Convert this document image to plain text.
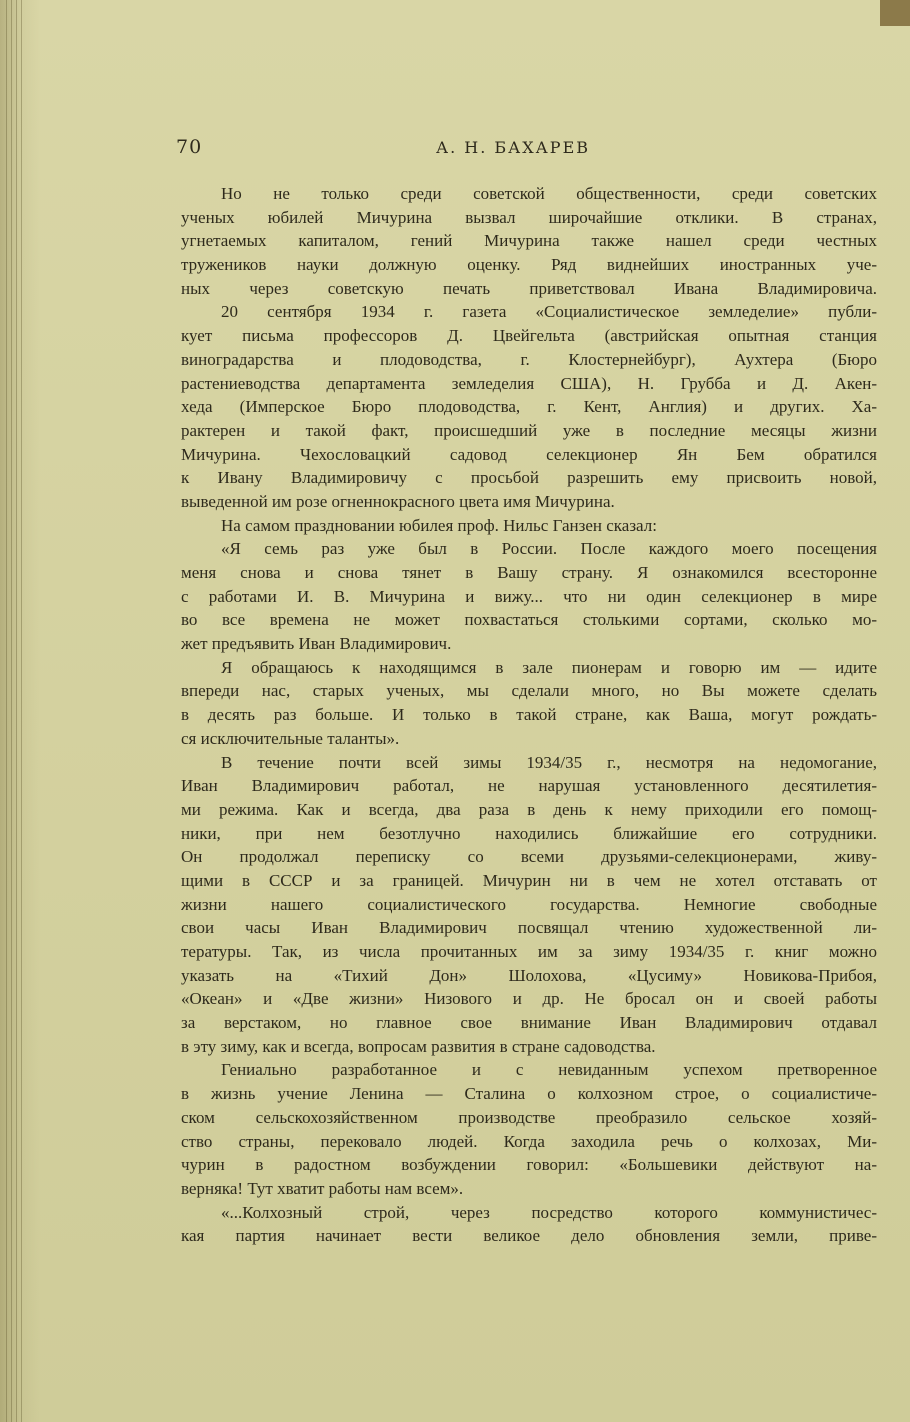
70	А. Н. БАХАРЕВ
Но не только среди советской общественности, среди советских
ученых юбилей Мичурина вызвал широчайшие отклики. В странах,
угнетаемых капиталом, гений Мичурина также нашел среди честных
тружеников науки должную оценку. Ряд виднейших иностранных уче-
ных через советскую печать приветствовал Ивана Владимировича.
20 сентября 1934 г. газета «Социалистическое земледелие» публи-
кует письма профессоров Д. Цвейгельта (австрийская опытная станция
виноградарства и плодоводства, г. Клостернейбург), Аухтера (Бюро
растениеводства департамента земледелия США), Н. Грубба и Д. Акен-
хеда (Имперское Бюро плодоводства, г. Кент, Англия) и других. Ха-
рактерен и такой факт, происшедший уже в последние месяцы жизни
Мичурина. Чехословацкий садовод селекционер Ян Бем обратился
к Ивану Владимировичу с просьбой разрешить ему присвоить новой,
выведенной им розе огненнокрасного цвета имя Мичурина.
На самом праздновании юбилея проф. Нильс Ганзен сказал:
«Я семь раз уже был в России. После каждого моего посещения
меня снова и снова тянет в Вашу страну. Я ознакомился всесторонне
с работами И. В. Мичурина и вижу... что ни один селекционер в мире
во все времена не может похвастаться столькими сортами, сколько мо-
жет предъявить Иван Владимирович.
Я обращаюсь к находящимся в зале пионерам и говорю им — идите
впереди нас, старых ученых, мы сделали много, но Вы можете сделать
в десять раз больше. И только в такой стране, как Ваша, могут рождать-
ся исключительные таланты».
В течение почти всей зимы 1934/35 г., несмотря на недомогание,
Иван Владимирович работал, не нарушая установленного десятилетия-
ми режима. Как и всегда, два раза в день к нему приходили его помощ-
ники, при нем безотлучно находились ближайшие его сотрудники.
Он продолжал переписку со всеми друзьями-селекционерами, живу-
щими в СССР и за границей. Мичурин ни в чем не хотел отставать от
жизни нашего социалистического государства. Немногие свободные
свои часы Иван Владимирович посвящал чтению художественной ли-
тературы. Так, из числа прочитанных им за зиму 1934/35 г. книг можно
указать на «Тихий Дон» Шолохова, «Цусиму» Новикова-Прибоя,
«Океан» и «Две жизни» Низового и др. Не бросал он и своей работы
за верстаком, но главное свое внимание Иван Владимирович отдавал
в эту зиму, как и всегда, вопросам развития в стране садоводства.
Гениально разработанное и с невиданным успехом претворенное
в жизнь учение Ленина — Сталина о колхозном строе, о социалистиче-
ском сельскохозяйственном производстве преобразило сельское хозяй-
ство страны, перековало людей. Когда заходила речь о колхозах, Ми-
чурин в радостном возбуждении говорил: «Большевики действуют на-
верняка! Тут хватит работы нам всем».
«...Колхозный строй, через посредство которого коммунистичес-
кая партия начинает вести великое дело обновления земли, приве-
